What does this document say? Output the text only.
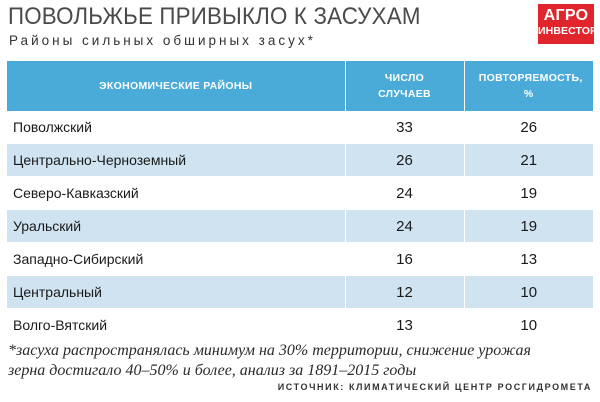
ПОВОЛЬЖЬЕ ПРИВЫКЛО К ЗАСУХАМ
Районы сильных обширных засух*
АГРО
ИНВЕСТОР
ЭКОНОМИЧЕСКИЕ РАЙОНЫ	ЧИСЛО СЛУЧАЕВ	ПОВТОРЯЕМОСТЬ, %
Поволжский	33	26
Центрально-Черноземный	26	21
Северо-Кавказский	24	19
Уральский	24	19
Западно-Сибирский	16	13
Центральный	12	10
Волго-Вятский	13	10
*засуха распространялась минимум на 30% территории, снижение урожая зерна достигало 40–50% и более, анализ за 1891–2015 годы
ИСТОЧНИК: КЛИМАТИЧЕСКИЙ ЦЕНТР РОСГИДРОМЕТА
